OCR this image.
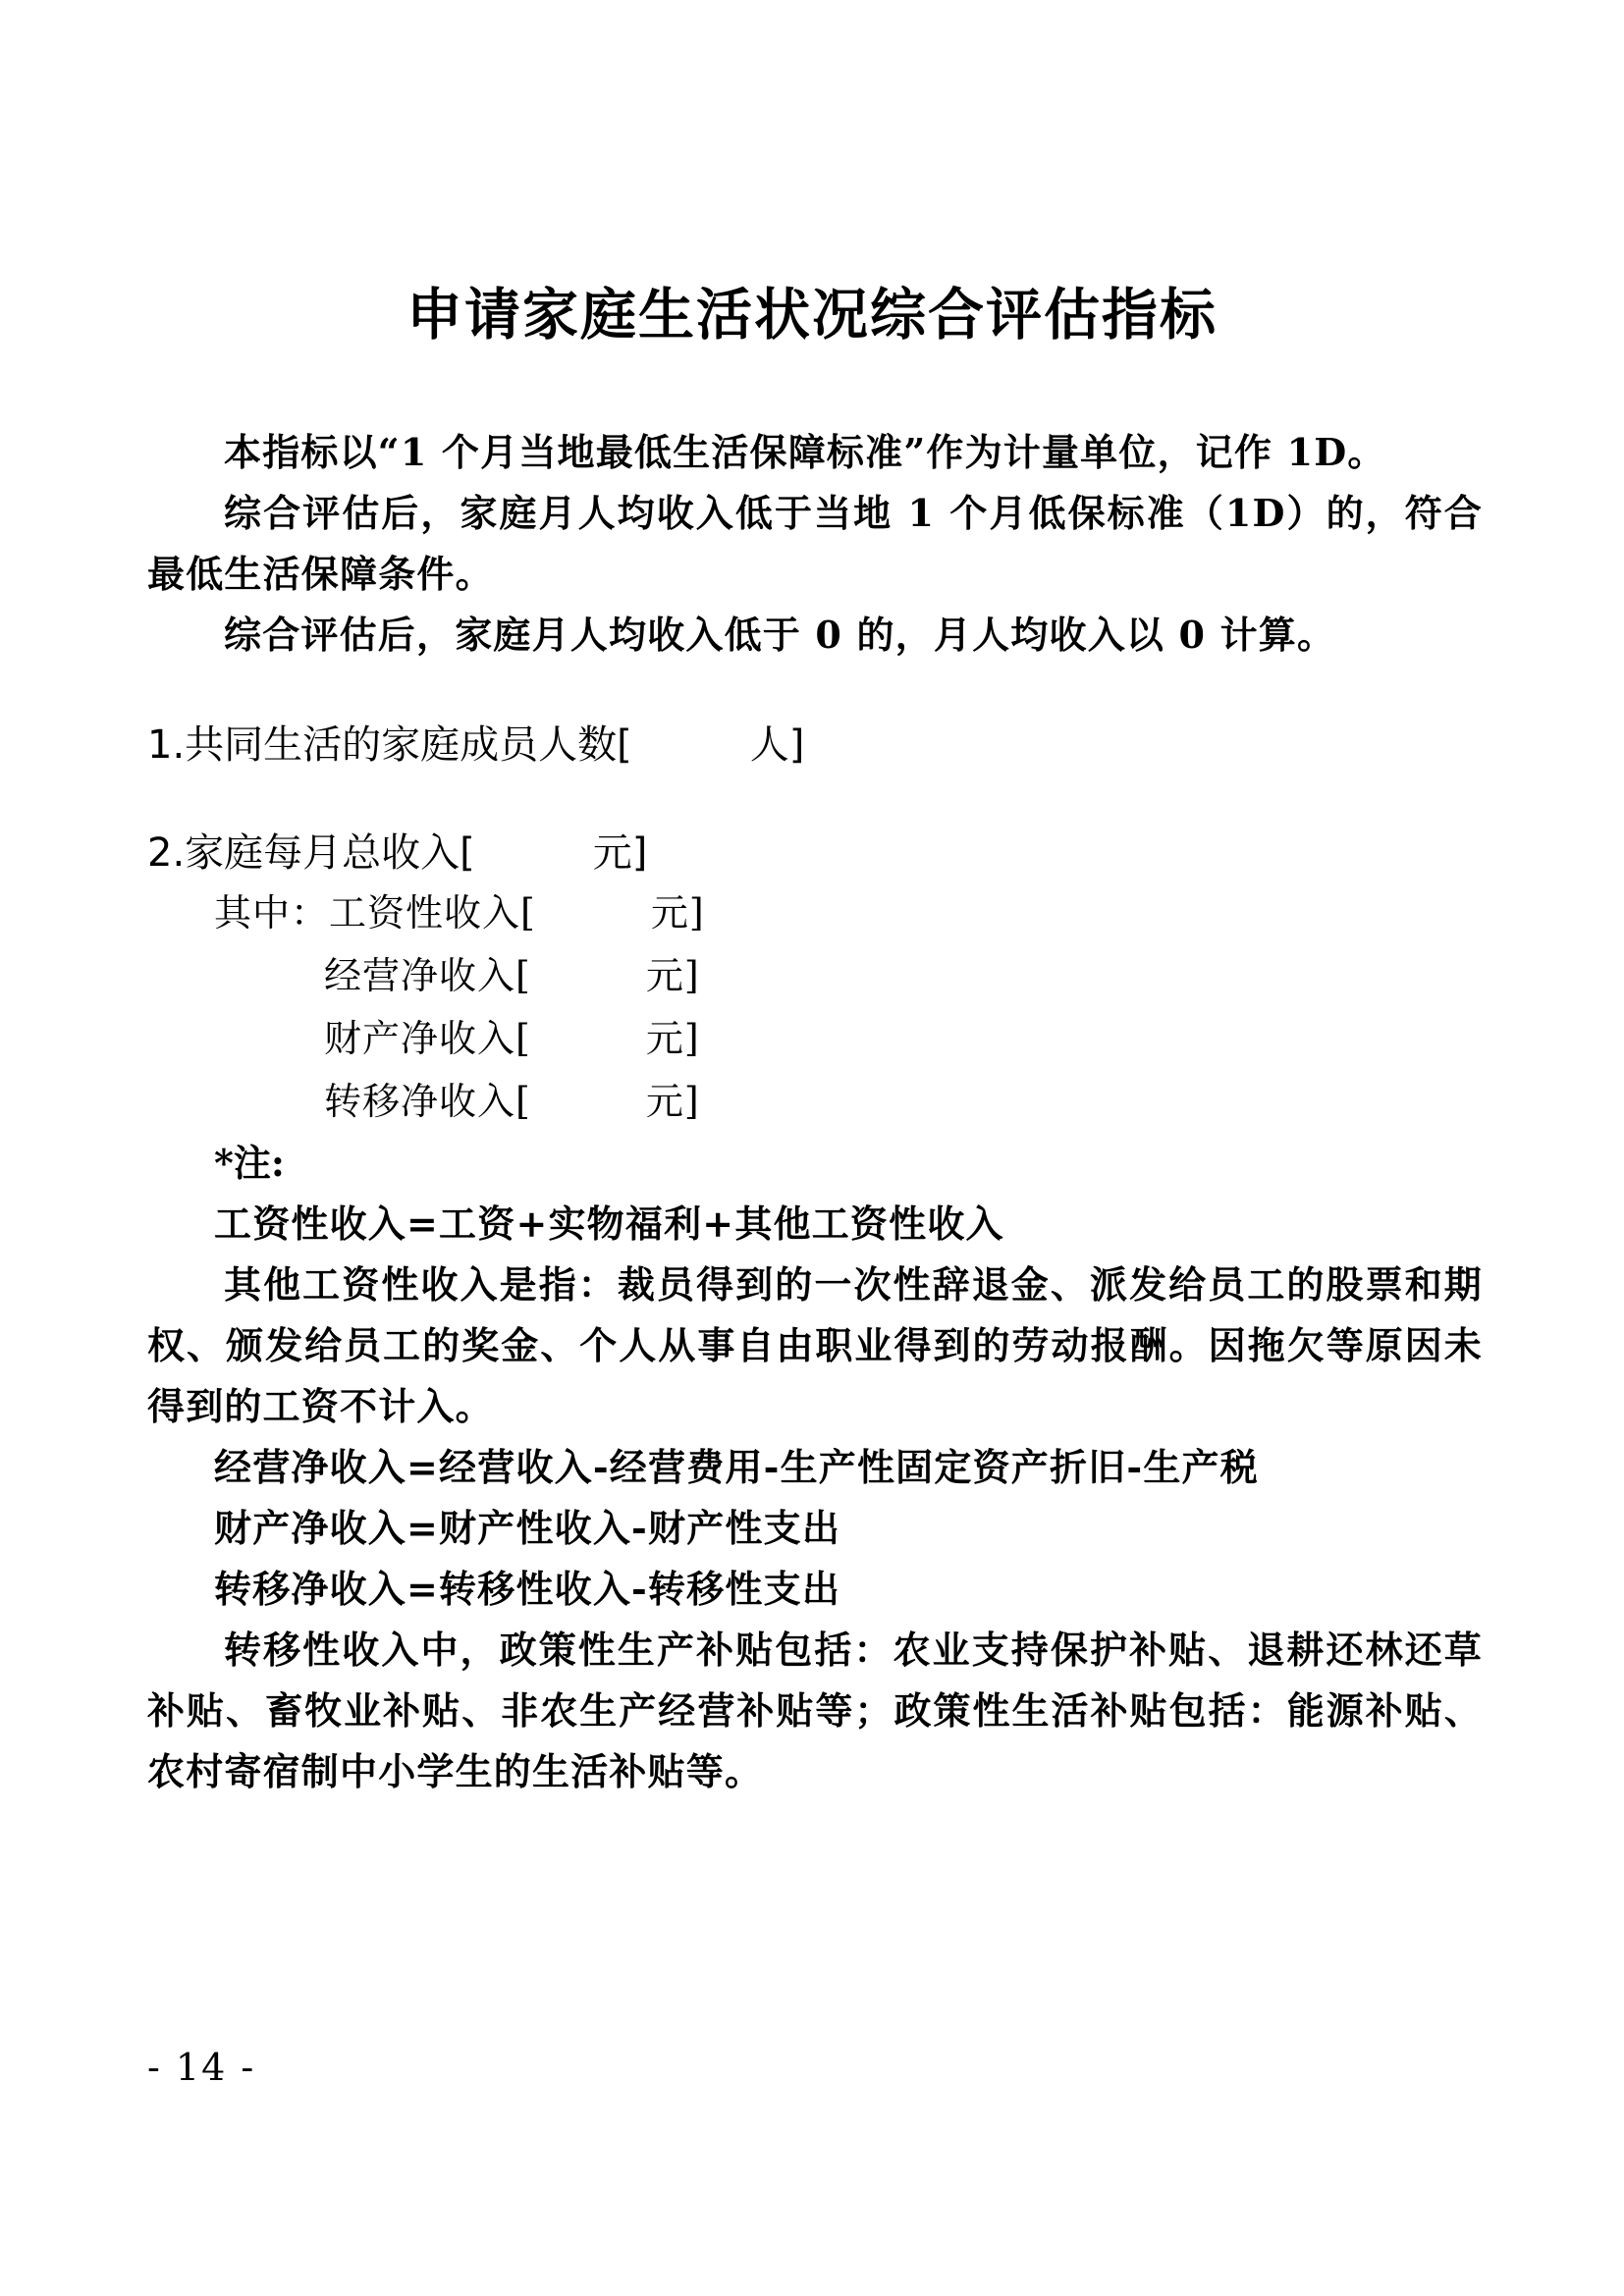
申请家庭生活状况综合评估指标

本指标以“1 个月当地最低生活保障标准”作为计量单位，记作 1D。

综合评估后，家庭月人均收入低于当地 1 个月低保标准（1D）的，符合最低生活保障条件。

综合评估后，家庭月人均收入低于 0 的，月人均收入以 0 计算。

1.共同生活的家庭成员人数[　　　人]

2.家庭每月总收入[　　　元]

其中：工资性收入[　　　元]

经营净收入[　　　元]

财产净收入[　　　元]

转移净收入[　　　元]

*注:

工资性收入=工资+实物福利+其他工资性收入

其他工资性收入是指：裁员得到的一次性辞退金、派发给员工的股票和期权、颁发给员工的奖金、个人从事自由职业得到的劳动报酬。因拖欠等原因未得到的工资不计入。

经营净收入=经营收入-经营费用-生产性固定资产折旧-生产税

财产净收入=财产性收入-财产性支出

转移净收入=转移性收入-转移性支出

转移性收入中，政策性生产补贴包括：农业支持保护补贴、退耕还林还草补贴、畜牧业补贴、非农生产经营补贴等；政策性生活补贴包括：能源补贴、农村寄宿制中小学生的生活补贴等。

- 14 -
